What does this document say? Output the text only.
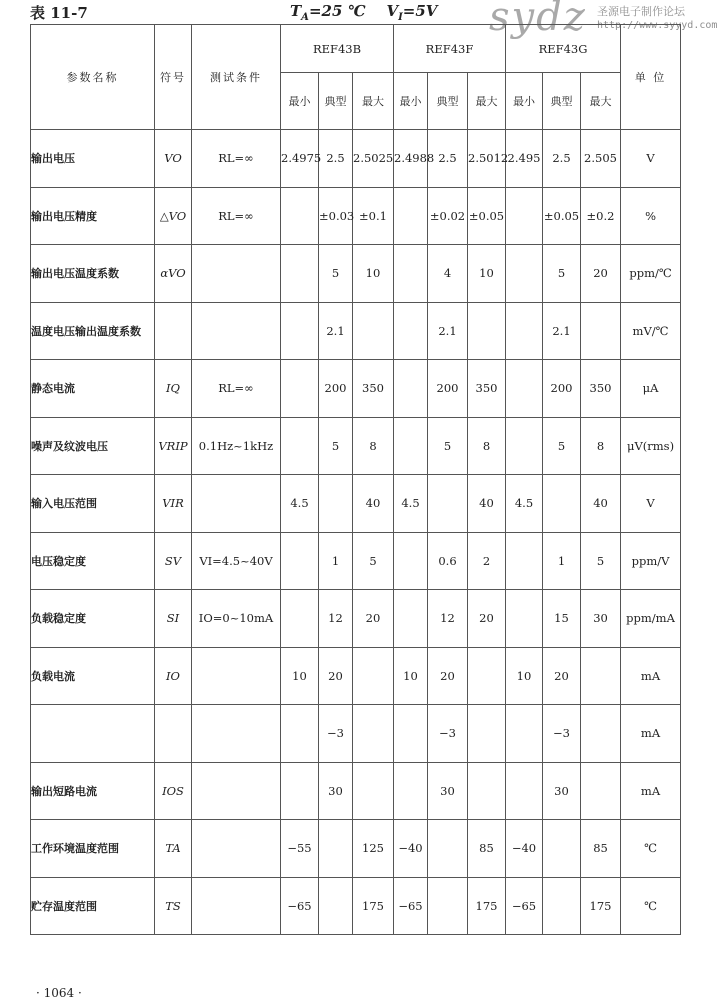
表 11-7	$T_A=25$ ℃ $V_I=5V$ sydz 圣源电子制作论坛
http://www.syyyd.com
参数名称	符号	测试条件	REF43B			REF43F			REF43G			单 位
			最小	典型	最大	最小	典型	最大	最小	典型	最大	
输出电压	VO	RL=∞	2.4975	2.5	2.5025	2.4988	2.5	2.5012	2.495	2.5	2.505	V
输出电压精度	△VO	RL=∞		±0.03	±0.1		±0.02	±0.05		±0.05	±0.2	%
输出电压温度系数	αVO			5	10		4	10		5	20	ppm/℃
温度电压输出温度系数				2.1			2.1			2.1		mV/℃
静态电流	IQ	RL=∞		200	350		200	350		200	350	μA
噪声及纹波电压	VRIP	0.1Hz~1kHz		5	8		5	8		5	8	μV(rms)
输入电压范围	VIR		4.5		40	4.5		40	4.5		40	V
电压稳定度	SV	VI=4.5~40V		1	5		0.6	2		1	5	ppm/V
负载稳定度	SI	IO=0~10mA		12	20		12	20		15	30	ppm/mA
负载电流	IO		10	20		10	20		10	20		mA
				−3			−3			−3		mA
输出短路电流	IOS			30			30			30		mA
工作环境温度范围	TA		−55		125	−40		85	−40		85	℃
贮存温度范围	TS		−65		175	−65		175	−65		175	℃
· 1064 ·
